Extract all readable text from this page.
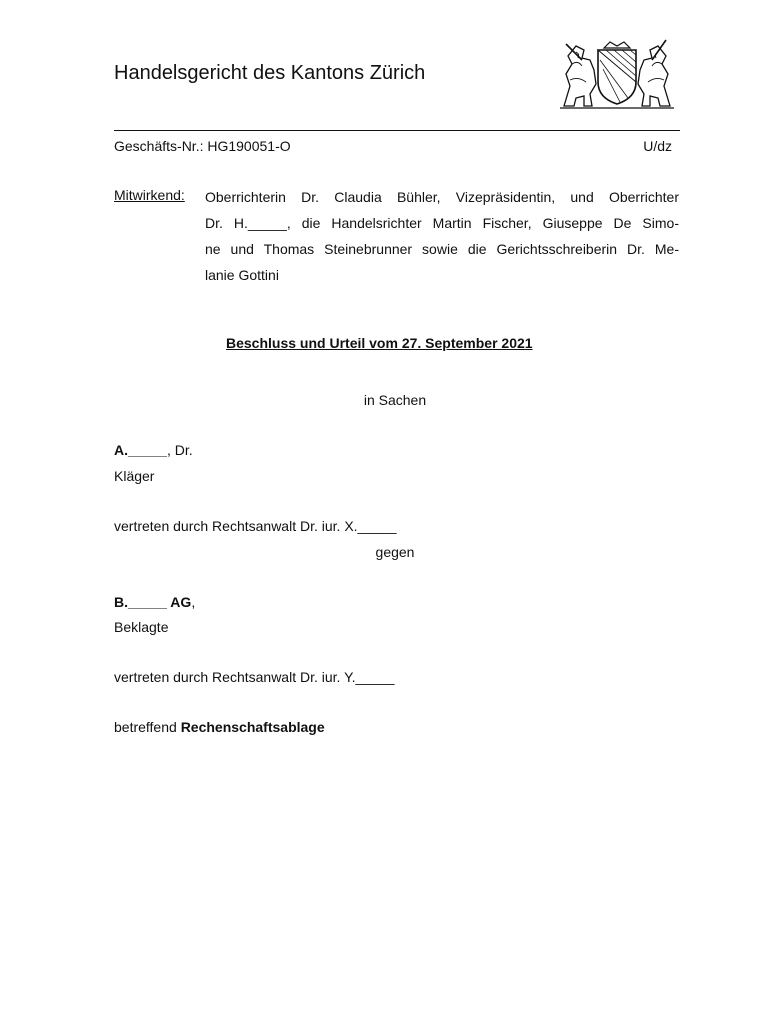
Handelsgericht des Kantons Zürich
Geschäfts-Nr.: HG190051-O	U/dz
Mitwirkend: Oberrichterin Dr. Claudia Bühler, Vizepräsidentin, und Oberrichter
Dr. H._____, die Handelsrichter Martin Fischer, Giuseppe De Simo-
ne und Thomas Steinebrunner sowie die Gerichtsschreiberin Dr. Me-
lanie Gottini
Beschluss und Urteil vom 27. September 2021
in Sachen
A._____, Dr.
Kläger
vertreten durch Rechtsanwalt Dr. iur. X._____
gegen
B._____ AG,
Beklagte
vertreten durch Rechtsanwalt Dr. iur. Y._____
betreffend Rechenschaftsablage
